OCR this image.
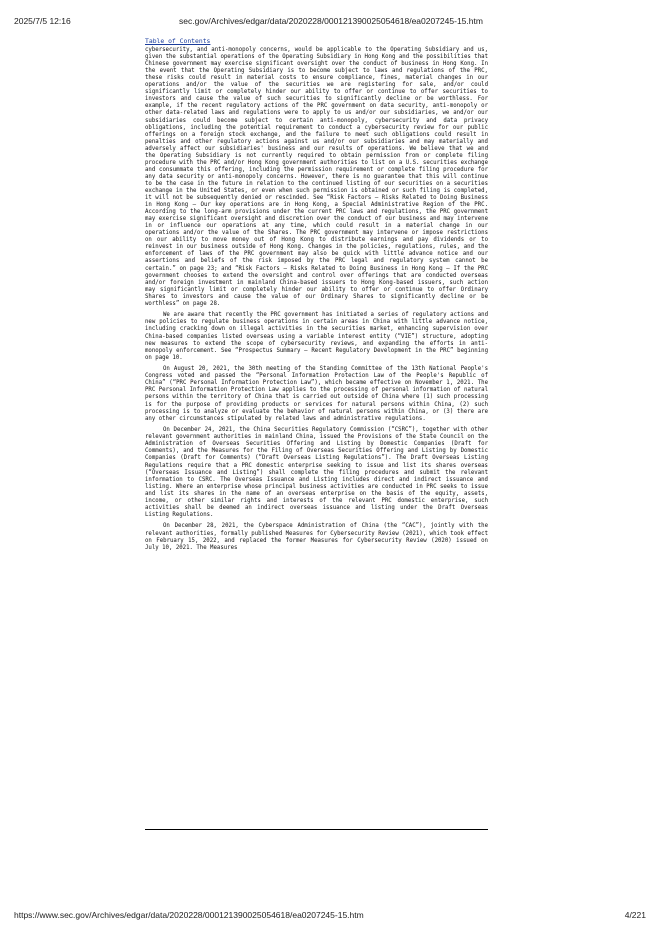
2025/7/5 12:16	sec.gov/Archives/edgar/data/2020228/000121390025054618/ea0207245-15.htm
Table of Contents

cybersecurity, and anti-monopoly concerns, would be applicable to the Operating Subsidiary and us, given the substantial operations of the Operating Subsidiary in Hong Kong and the possibilities that Chinese government may exercise significant oversight over the conduct of business in Hong Kong. In the event that the Operating Subsidiary is to become subject to laws and regulations of the PRC, these risks could result in material costs to ensure compliance, fines, material changes in our operations and/or the value of the securities we are registering for sale, and/or could significantly limit or completely hinder our ability to offer or continue to offer securities to investors and cause the value of such securities to significantly decline or be worthless. For example, if the recent regulatory actions of the PRC government on data security, anti-monopoly or other data-related laws and regulations were to apply to us and/or our subsidiaries, we and/or our subsidiaries could become subject to certain anti-monopoly, cybersecurity and data privacy obligations, including the potential requirement to conduct a cybersecurity review for our public offerings on a foreign stock exchange, and the failure to meet such obligations could result in penalties and other regulatory actions against us and/or our subsidiaries and may materially and adversely affect our subsidiaries' business and our results of operations. We believe that we and the Operating Subsidiary is not currently required to obtain permission from or complete filing procedure with the PRC and/or Hong Kong government authorities to list on a U.S. securities exchange and consummate this offering, including the permission requirement or complete filing procedure for any data security or anti-monopoly concerns. However, there is no guarantee that this will continue to be the case in the future in relation to the continued listing of our securities on a securities exchange in the United States, or even when such permission is obtained or such filing is completed, it will not be subsequently denied or rescinded. See “Risk Factors — Risks Related to Doing Business in Hong Kong — Our key operations are in Hong Kong, a Special Administrative Region of the PRC. According to the long-arm provisions under the current PRC laws and regulations, the PRC government may exercise significant oversight and discretion over the conduct of our business and may intervene in or influence our operations at any time, which could result in a material change in our operations and/or the value of the Shares. The PRC government may intervene or impose restrictions on our ability to move money out of Hong Kong to distribute earnings and pay dividends or to reinvest in our business outside of Hong Kong. Changes in the policies, regulations, rules, and the enforcement of laws of the PRC government may also be quick with little advance notice and our assertions and beliefs of the risk imposed by the PRC legal and regulatory system cannot be certain.” on page 23; and “Risk Factors — Risks Related to Doing Business in Hong Kong — If the PRC government chooses to extend the oversight and control over offerings that are conducted overseas and/or foreign investment in mainland China-based issuers to Hong Kong-based issuers, such action may significantly limit or completely hinder our ability to offer or continue to offer Ordinary Shares to investors and cause the value of our Ordinary Shares to significantly decline or be worthless” on page 28.

We are aware that recently the PRC government has initiated a series of regulatory actions and new policies to regulate business operations in certain areas in China with little advance notice, including cracking down on illegal activities in the securities market, enhancing supervision over China-based companies listed overseas using a variable interest entity (“VIE”) structure, adopting new measures to extend the scope of cybersecurity reviews, and expanding the efforts in anti-monopoly enforcement. See “Prospectus Summary — Recent Regulatory Development in the PRC” beginning on page 10.

On August 20, 2021, the 30th meeting of the Standing Committee of the 13th National People's Congress voted and passed the “Personal Information Protection Law of the People's Republic of China” (“PRC Personal Information Protection Law”), which became effective on November 1, 2021. The PRC Personal Information Protection Law applies to the processing of personal information of natural persons within the territory of China that is carried out outside of China where (1) such processing is for the purpose of providing products or services for natural persons within China, (2) such processing is to analyze or evaluate the behavior of natural persons within China, or (3) there are any other circumstances stipulated by related laws and administrative regulations.

On December 24, 2021, the China Securities Regulatory Commission (“CSRC”), together with other relevant government authorities in mainland China, issued the Provisions of the State Council on the Administration of Overseas Securities Offering and Listing by Domestic Companies (Draft for Comments), and the Measures for the Filing of Overseas Securities Offering and Listing by Domestic Companies (Draft for Comments) (“Draft Overseas Listing Regulations”). The Draft Overseas Listing Regulations require that a PRC domestic enterprise seeking to issue and list its shares overseas (“Overseas Issuance and Listing”) shall complete the filing procedures and submit the relevant information to CSRC. The Overseas Issuance and Listing includes direct and indirect issuance and listing. Where an enterprise whose principal business activities are conducted in PRC seeks to issue and list its shares in the name of an overseas enterprise on the basis of the equity, assets, income, or other similar rights and interests of the relevant PRC domestic enterprise, such activities shall be deemed an indirect overseas issuance and listing under the Draft Overseas Listing Regulations.

On December 28, 2021, the Cyberspace Administration of China (the “CAC”), jointly with the relevant authorities, formally published Measures for Cybersecurity Review (2021), which took effect on February 15, 2022, and replaced the former Measures for Cybersecurity Review (2020) issued on July 10, 2021. The Measures

https://www.sec.gov/Archives/edgar/data/2020228/000121390025054618/ea0207245-15.htm	4/221
